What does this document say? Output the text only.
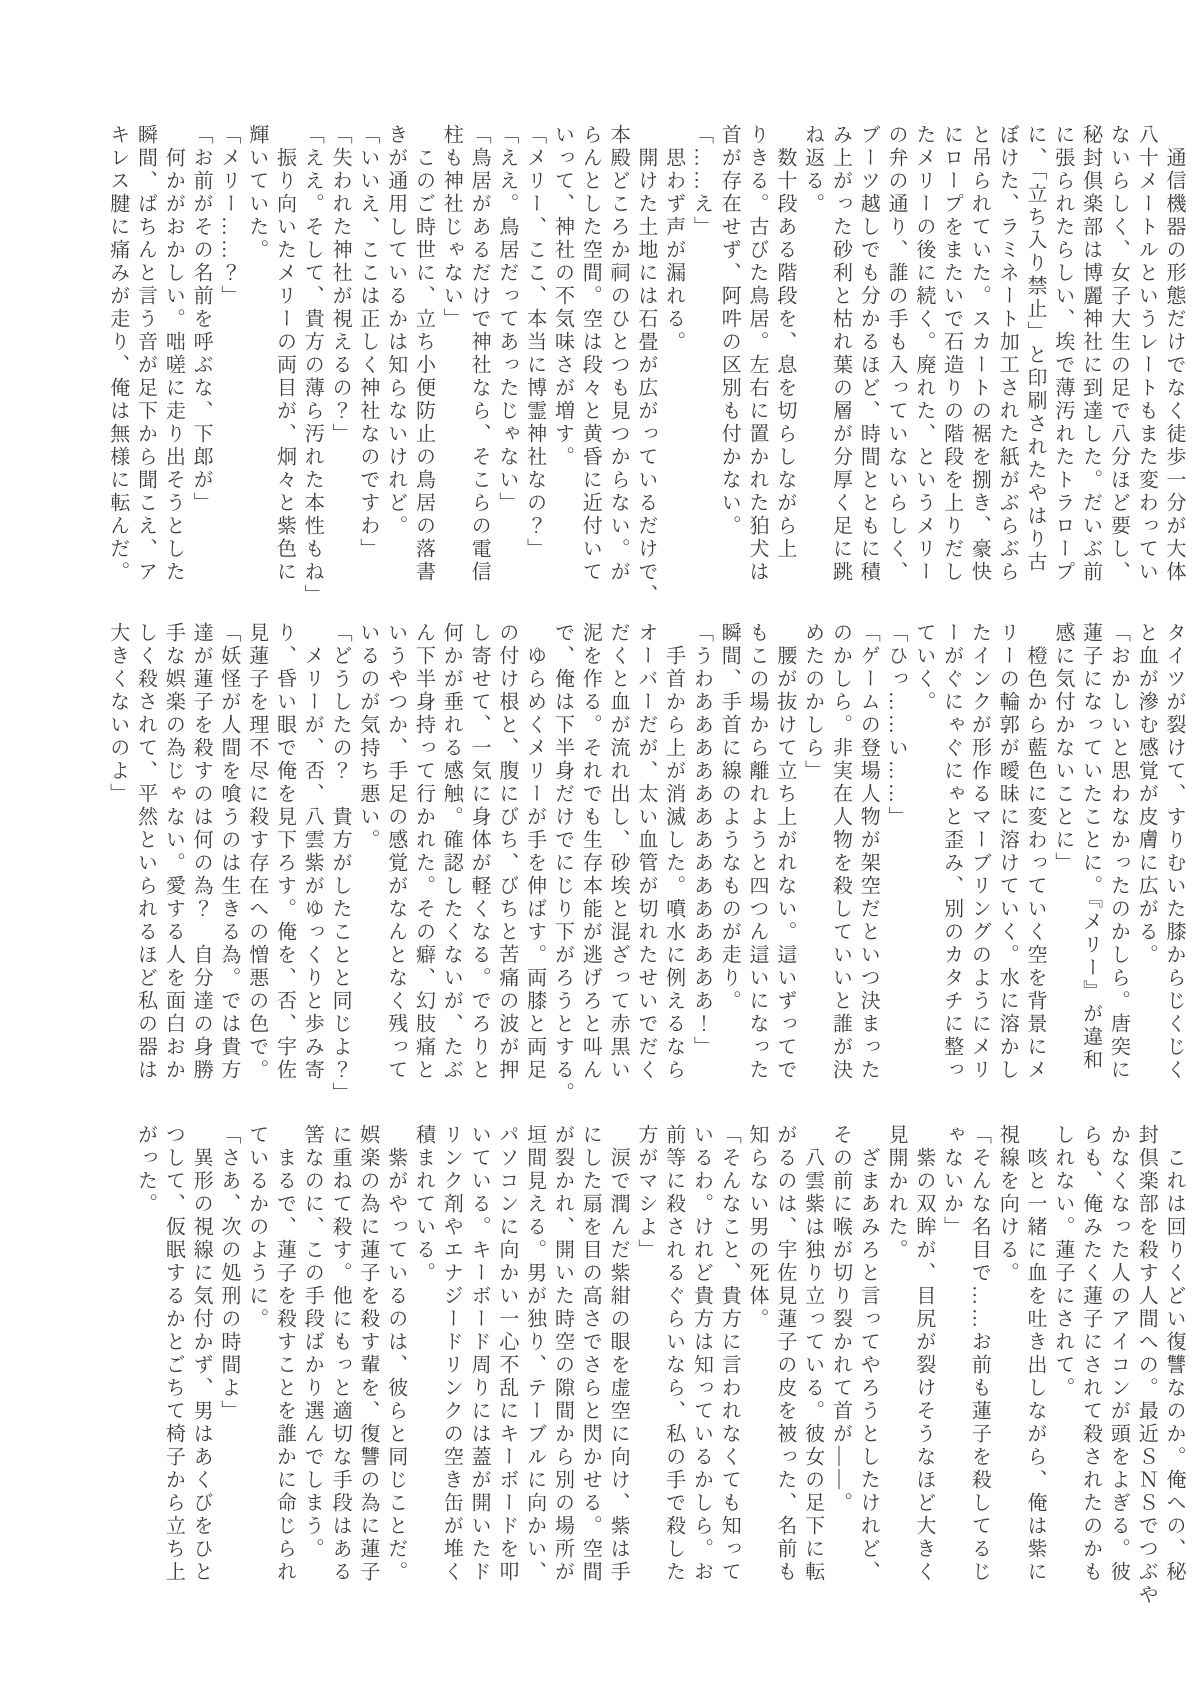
　通信機器の形態だけでなく徒歩一分が大体

八十メートルというレートもまた変わってい

ないらしく、女子大生の足で八分ほど要し、

秘封倶楽部は博麗神社に到達した。だいぶ前

に張られたらしい、埃で薄汚れたトラロープ

に、「立ち入り禁止」と印刷されたやはり古

ぼけた、ラミネート加工された紙がぶらぶら

と吊られていた。スカートの裾を捌き、豪快

にロープをまたいで石造りの階段を上りだし

たメリーの後に続く。廃れた、というメリー

の弁の通り、誰の手も入っていないらしく、

ブーツ越しでも分かるほど、時間とともに積

み上がった砂利と枯れ葉の層が分厚く足に跳

ね返る。

　数十段ある階段を、息を切らしながら上

りきる。古びた鳥居。左右に置かれた狛犬は

首が存在せず、阿吽の区別も付かない。

「……え」

　思わず声が漏れる。

　開けた土地には石畳が広がっているだけで、

本殿どころか祠のひとつも見つからない。が

らんとした空間。空は段々と黄昏に近付いて

いって、神社の不気味さが増す。

「メリー、ここ、本当に博霊神社なの？」

「ええ。鳥居だってあったじゃない」

「鳥居があるだけで神社なら、そこらの電信

柱も神社じゃない」

　このご時世に、立ち小便防止の鳥居の落書

きが通用しているかは知らないけれど。

「いいえ、ここは正しく神社なのですわ」

「失われた神社が視えるの？」

「ええ。そして、貴方の薄ら汚れた本性もね」

　振り向いたメリーの両目が、炯々と紫色に

輝いていた。

「メリー……？」

「お前がその名前を呼ぶな、下郎が」

　何かがおかしい。咄嗟に走り出そうとした

瞬間、ばちんと言う音が足下から聞こえ、ア

キレス腱に痛みが走り、俺は無様に転んだ。

タイツが裂けて、すりむいた膝からじくじく

と血が滲む感覚が皮膚に広がる。

「おかしいと思わなかったのかしら。唐突に

蓮子になっていたことに。『メリー』が違和

感に気付かないことに」

　橙色から藍色に変わっていく空を背景にメ

リーの輪郭が曖昧に溶けていく。水に溶かし

たインクが形作るマーブリングのようにメリ

ーがぐにゃぐにゃと歪み、別のカタチに整っ

ていく。

「ひっ……い……」

「ゲームの登場人物が架空だといつ決まった

のかしら。非実在人物を殺していいと誰が決

めたのかしら」

　腰が抜けて立ち上がれない。這いずってで

もこの場から離れようと四つん這いになった

瞬間、手首に線のようなものが走り。

「うわああああああああああああああ！」

　手首から上が消滅した。噴水に例えるなら

オーバーだが、太い血管が切れたせいでだく

だくと血が流れ出し、砂埃と混ざって赤黒い

泥を作る。それでも生存本能が逃げろと叫ん

で、俺は下半身だけでにじり下がろうとする。

　ゆらめくメリーが手を伸ばす。両膝と両足

の付け根と、腹にびち、びちと苦痛の波が押

し寄せて、一気に身体が軽くなる。でろりと

何かが垂れる感触。確認したくないが、たぶ

ん下半身持って行かれた。その癖、幻肢痛と

いうやつか、手足の感覚がなんとなく残って

いるのが気持ち悪い。

「どうしたの？　貴方がしたことと同じよ？」

　メリーが、否、八雲紫がゆっくりと歩み寄

り、昏い眼で俺を見下ろす。俺を、否、宇佐

見蓮子を理不尽に殺す存在への憎悪の色で。

「妖怪が人間を喰うのは生きる為。では貴方

達が蓮子を殺すのは何の為？　自分達の身勝

手な娯楽の為じゃない。愛する人を面白おか

しく殺されて、平然といられるほど私の器は

大きくないのよ」

　これは回りくどい復讐なのか。俺への、秘

封倶楽部を殺す人間への。最近ＳＮＳでつぶや

かなくなった人のアイコンが頭をよぎる。彼

らも、俺みたく蓮子にされて殺されたのかも

しれない。蓮子にされて。

　咳と一緒に血を吐き出しながら、俺は紫に

視線を向ける。

「そんな名目で……お前も蓮子を殺してるじ

ゃないか」

　紫の双眸が、目尻が裂けそうなほど大きく

見開かれた。

　ざまあみろと言ってやろうとしたけれど、

その前に喉が切り裂かれて首が――。

　八雲紫は独り立っている。彼女の足下に転

がるのは、宇佐見蓮子の皮を被った、名前も

知らない男の死体。

「そんなこと、貴方に言われなくても知って

いるわ。けれど貴方は知っているかしら。お

前等に殺されるぐらいなら、私の手で殺した

方がマシよ」

　涙で潤んだ紫紺の眼を虚空に向け、紫は手

にした扇を目の高さでさらと閃かせる。空間

が裂かれ、開いた時空の隙間から別の場所が

垣間見える。男が独り、テーブルに向かい、

パソコンに向かい一心不乱にキーボードを叩

いている。キーボード周りには蓋が開いたド

リンク剤やエナジードリンクの空き缶が堆く

積まれている。

　紫がやっているのは、彼らと同じことだ。

娯楽の為に蓮子を殺す輩を、復讐の為に蓮子

に重ねて殺す。他にもっと適切な手段はある

筈なのに、この手段ばかり選んでしまう。

　まるで、蓮子を殺すことを誰かに命じられ

ているかのように。

「さあ、次の処刑の時間よ」

　異形の視線に気付かず、男はあくびをひと

つして、仮眠するかとごちて椅子から立ち上

がった。
